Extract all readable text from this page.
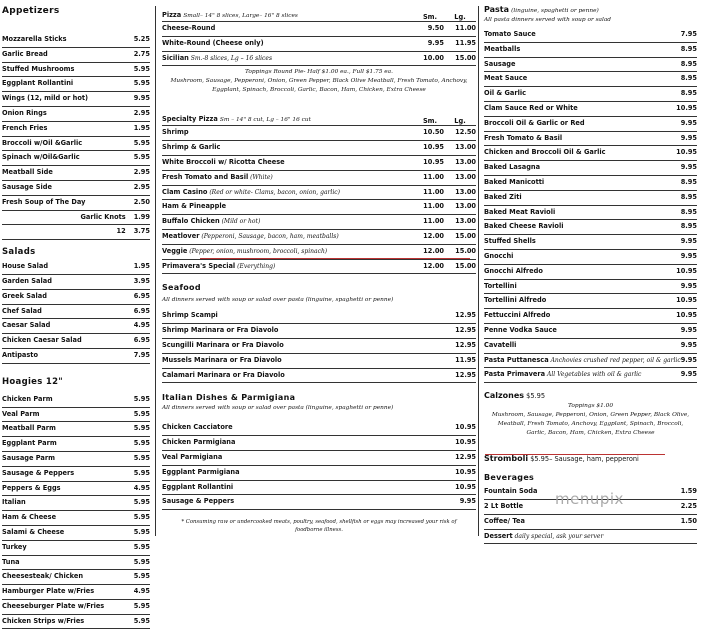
Appetizers
Mozzarella Sticks	5.25
Garlic Bread	2.75
Stuffed Mushrooms	5.95
Eggplant Rollantini	5.95
Wings (12, mild or hot)	9.95
Onion Rings	2.95
French Fries	1.95
Broccoli w/Oil &Garlic	5.95
Spinach w/Oil&Garlic	5.95
Meatball Side	2.95
Sausage Side	2.95
Fresh Soup of The Day	2.50
Garlic Knots	1.99
12	3.75
Salads
House Salad	1.95
Garden Salad	3.95
Greek Salad	6.95
Chef Salad	6.95
Caesar Salad	4.95
Chicken Caesar Salad	6.95
Antipasto	7.95
Hoagies 12"
Chicken Parm	5.95
Veal Parm	5.95
Meatball Parm	5.95
Eggplant Parm	5.95
Sausage Parm	5.95
Sausage & Peppers	5.95
Peppers & Eggs	4.95
Italian	5.95
Ham & Cheese	5.95
Salami & Cheese	5.95
Turkey	5.95
Tuna	5.95
Cheesesteak/ Chicken	5.95
Hamburger Plate w/Fries	4.95
Cheeseburger Plate w/Fries	5.95
Chicken Strips w/Fries	5.95
Pizza Small– 14" 8 slices, Large– 16" 8 slices	Sm.	Lg.
Cheese-Round	9.50	11.00
White-Round (Cheese only)	9.95	11.95
Sicilian Sm.-8 slices, Lg – 16 slices	10.00	15.00
Toppings Round Pie- Half $1.00 ea., Full $1.75 ea.
Mushroom, Sausage, Pepperoni, Onion, Green Pepper, Black Olive Meatball, Fresh Tomato, Anchovy, Eggplant, Spinach, Broccoli, Garlic, Bacon, Ham, Chicken, Extra Cheese
Specialty Pizza Sm – 14" 8 cut, Lg – 16" 16 cut	Sm.	Lg.
Shrimp	10.50	12.50
Shrimp & Garlic	10.95	13.00
White Broccoli w/ Ricotta Cheese	10.95	13.00
Fresh Tomato and Basil (White)	11.00	13.00
Clam Casino (Red or white- Clams, bacon, onion, garlic)	11.00	13.00
Ham & Pineapple	11.00	13.00
Buffalo Chicken (Mild or hot)	11.00	13.00
Meatlover (Pepperoni, Sausage, bacon, ham, meatballs)	12.00	15.00
Veggie (Pepper, onion, mushroom, broccoli, spinach)	12.00	15.00
Primavera's Special (Everything)	12.00	15.00
Seafood
All dinners served with soup or salad over pasta (linguine, spaghetti or penne)
Shrimp Scampi	12.95
Shrimp Marinara or Fra Diavolo	12.95
Scungilli Marinara or Fra Diavolo	12.95
Mussels Marinara or Fra Diavolo	11.95
Calamari Marinara or Fra Diavolo	12.95
Italian Dishes & Parmigiana
All dinners served with soup or salad over pasta (linguine, spaghetti or penne)
Chicken Cacciatore	10.95
Chicken Parmigiana	10.95
Veal Parmigiana	12.95
Eggplant Parmigiana	10.95
Eggplant Rollantini	10.95
Sausage & Peppers	9.95
* Consuming raw or undercooked meats, poultry, seafood, shellfish or eggs may increased your risk of foodborne illness.
Pasta (linguine, spaghetti or penne)
All pasta dinners served with soup or salad
Tomato Sauce	7.95
Meatballs	8.95
Sausage	8.95
Meat Sauce	8.95
Oil & Garlic	8.95
Clam Sauce Red or White	10.95
Broccoli Oil & Garlic or Red	9.95
Fresh Tomato & Basil	9.95
Chicken and Broccoli Oil & Garlic	10.95
Baked Lasagna	9.95
Baked Manicotti	8.95
Baked Ziti	8.95
Baked Meat Ravioli	8.95
Baked Cheese Ravioli	8.95
Stuffed Shells	9.95
Gnocchi	9.95
Gnocchi Alfredo	10.95
Tortellini	9.95
Tortellini Alfredo	10.95
Fettuccini Alfredo	10.95
Penne Vodka Sauce	9.95
Cavatelli	9.95
Pasta Puttanesca Anchovies crushed red pepper, oil & garlic 9.95
Pasta Primavera All Vegetables with oil & garlic	9.95
Calzones $5.95
Toppings $1.00
Mushroom, Sausage, Pepperoni, Onion, Green Pepper, Black Olive, Meatball, Fresh Tomato, Anchovy, Eggplant, Spinach, Broccoli, Garlic, Bacon, Ham, Chicken, Extra Cheese
Stromboli $5.95– Sausage, ham, pepperoni
Beverages
Fountain Soda	1.59
2 Lt Bottle	2.25
Coffee/ Tea	1.50
Dessert daily special, ask your server
menupix
